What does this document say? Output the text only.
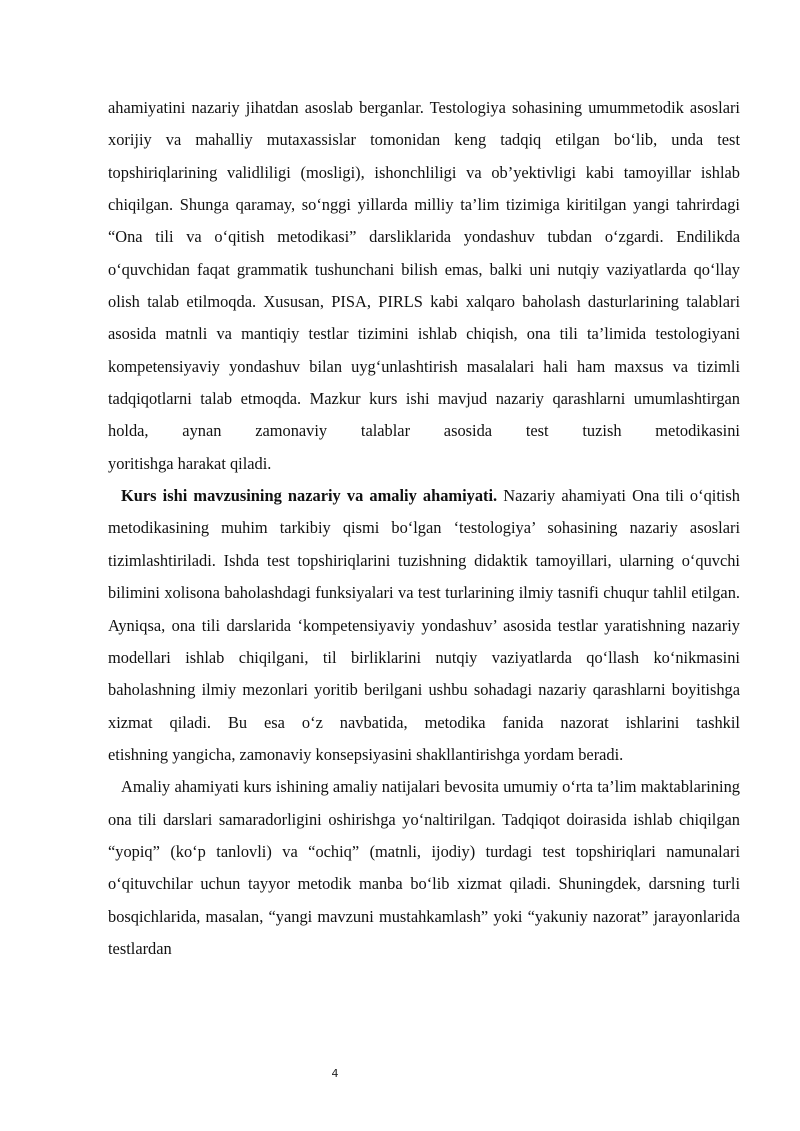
ahamiyatini nazariy jihatdan asoslab berganlar. Testologiya sohasining umummetodik asoslari xorijiy va mahalliy mutaxassislar tomonidan keng tadqiq etilgan bo‘lib, unda test topshiriqlarining validliligi (mosligi), ishonchliligi va ob’yektivligi kabi tamoyillar ishlab chiqilgan. Shunga qaramay, so‘nggi yillarda milliy ta’lim tizimiga kiritilgan yangi tahrirdagi “Ona tili va o‘qitish metodikasi” darsliklarida yondashuv tubdan o‘zgardi. Endilikda o‘quvchidan faqat grammatik tushunchani bilish emas, balki uni nutqiy vaziyatlarda qo‘llay olish talab etilmoqda. Xususan, PISA, PIRLS kabi xalqaro baholash dasturlarining talablari asosida matnli va mantiqiy testlar tizimini ishlab chiqish, ona tili ta’limida testologiyani kompetensiyaviy yondashuv bilan uyg‘unlashtirish masalalari hali ham maxsus va tizimli tadqiqotlarni talab etmoqda. Mazkur kurs ishi mavjud nazariy qarashlarni umumlashtirgan holda, aynan zamonaviy talablar asosida test tuzish metodikasini

yoritishga harakat qiladi.

Kurs ishi mavzusining nazariy va amaliy ahamiyati. Nazariy ahamiyati Ona tili o‘qitish metodikasining muhim tarkibiy qismi bo‘lgan ‘testologiya’ sohasining nazariy asoslari tizimlashtiriladi. Ishda test topshiriqlarini tuzishning didaktik tamoyillari, ularning o‘quvchi bilimini xolisona baholashdagi funksiyalari va test turlarining ilmiy tasnifi chuqur tahlil etilgan. Ayniqsa, ona tili darslarida ‘kompetensiyaviy yondashuv’ asosida testlar yaratishning nazariy modellari ishlab chiqilgani, til birliklarini nutqiy vaziyatlarda qo‘llash ko‘nikmasini baholashning ilmiy mezonlari yoritib berilgani ushbu sohadagi nazariy qarashlarni boyitishga xizmat qiladi. Bu esa o‘z navbatida, metodika fanida nazorat ishlarini tashkil

etishning yangicha, zamonaviy konsepsiyasini shakllantirishga yordam beradi.

Amaliy ahamiyati kurs ishining amaliy natijalari bevosita umumiy o‘rta ta’lim maktablarining ona tili darslari samaradorligini oshirishga yo‘naltirilgan. Tadqiqot doirasida ishlab chiqilgan “yopiq” (ko‘p tanlovli) va “ochiq” (matnli, ijodiy) turdagi test topshiriqlari namunalari o‘qituvchilar uchun tayyor metodik manba bo‘lib xizmat qiladi. Shuningdek, darsning turli bosqichlarida, masalan, “yangi mavzuni mustahkamlash” yoki “yakuniy nazorat” jarayonlarida testlardan

4
